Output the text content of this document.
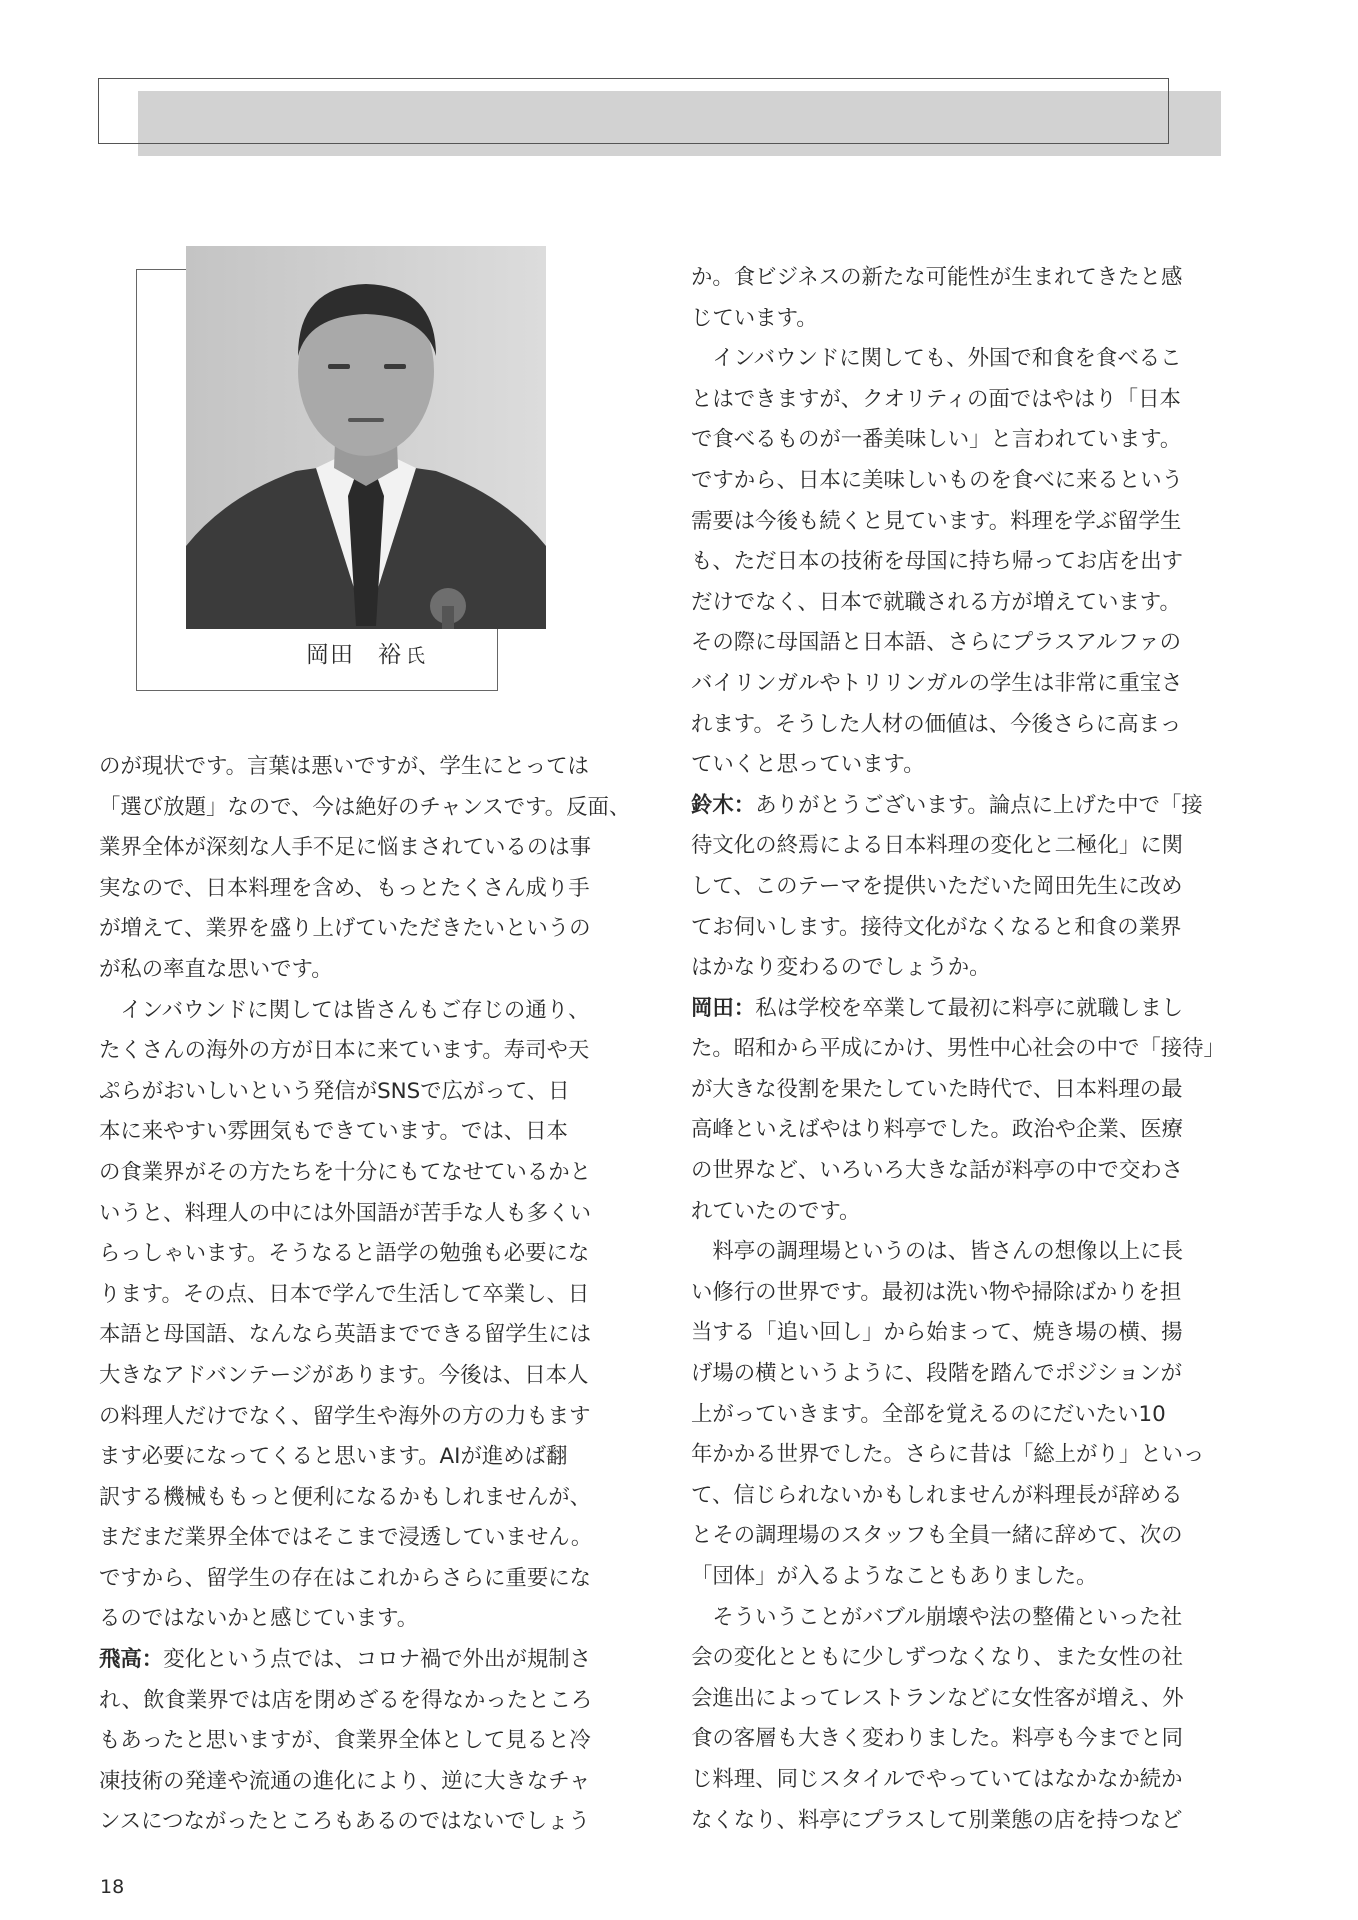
岡田　裕 氏
のが現状です。言葉は悪いですが、学生にとっては
「選び放題」なので、今は絶好のチャンスです。反面、
業界全体が深刻な人手不足に悩まされているのは事
実なので、日本料理を含め、もっとたくさん成り手
が増えて、業界を盛り上げていただきたいというの
が私の率直な思いです。
　インバウンドに関しては皆さんもご存じの通り、
たくさんの海外の方が日本に来ています。寿司や天
ぷらがおいしいという発信がSNSで広がって、日
本に来やすい雰囲気もできています。では、日本
の食業界がその方たちを十分にもてなせているかと
いうと、料理人の中には外国語が苦手な人も多くい
らっしゃいます。そうなると語学の勉強も必要にな
ります。その点、日本で学んで生活して卒業し、日
本語と母国語、なんなら英語までできる留学生には
大きなアドバンテージがあります。今後は、日本人
の料理人だけでなく、留学生や海外の方の力もます
ます必要になってくると思います。AIが進めば翻
訳する機械ももっと便利になるかもしれませんが、
まだまだ業界全体ではそこまで浸透していません。
ですから、留学生の存在はこれからさらに重要にな
るのではないかと感じています。
飛高：変化という点では、コロナ禍で外出が規制さ
れ、飲食業界では店を閉めざるを得なかったところ
もあったと思いますが、食業界全体として見ると冷
凍技術の発達や流通の進化により、逆に大きなチャ
ンスにつながったところもあるのではないでしょう
か。食ビジネスの新たな可能性が生まれてきたと感
じています。
　インバウンドに関しても、外国で和食を食べるこ
とはできますが、クオリティの面ではやはり「日本
で食べるものが一番美味しい」と言われています。
ですから、日本に美味しいものを食べに来るという
需要は今後も続くと見ています。料理を学ぶ留学生
も、ただ日本の技術を母国に持ち帰ってお店を出す
だけでなく、日本で就職される方が増えています。
その際に母国語と日本語、さらにプラスアルファの
バイリンガルやトリリンガルの学生は非常に重宝さ
れます。そうした人材の価値は、今後さらに高まっ
ていくと思っています。
鈴木：ありがとうございます。論点に上げた中で「接
待文化の終焉による日本料理の変化と二極化」に関
して、このテーマを提供いただいた岡田先生に改め
てお伺いします。接待文化がなくなると和食の業界
はかなり変わるのでしょうか。
岡田：私は学校を卒業して最初に料亭に就職しまし
た。昭和から平成にかけ、男性中心社会の中で「接待」
が大きな役割を果たしていた時代で、日本料理の最
高峰といえばやはり料亭でした。政治や企業、医療
の世界など、いろいろ大きな話が料亭の中で交わさ
れていたのです。
　料亭の調理場というのは、皆さんの想像以上に長
い修行の世界です。最初は洗い物や掃除ばかりを担
当する「追い回し」から始まって、焼き場の横、揚
げ場の横というように、段階を踏んでポジションが
上がっていきます。全部を覚えるのにだいたい10
年かかる世界でした。さらに昔は「総上がり」といっ
て、信じられないかもしれませんが料理長が辞める
とその調理場のスタッフも全員一緒に辞めて、次の
「団体」が入るようなこともありました。
　そういうことがバブル崩壊や法の整備といった社
会の変化とともに少しずつなくなり、また女性の社
会進出によってレストランなどに女性客が増え、外
食の客層も大きく変わりました。料亭も今までと同
じ料理、同じスタイルでやっていてはなかなか続か
なくなり、料亭にプラスして別業態の店を持つなど
18
